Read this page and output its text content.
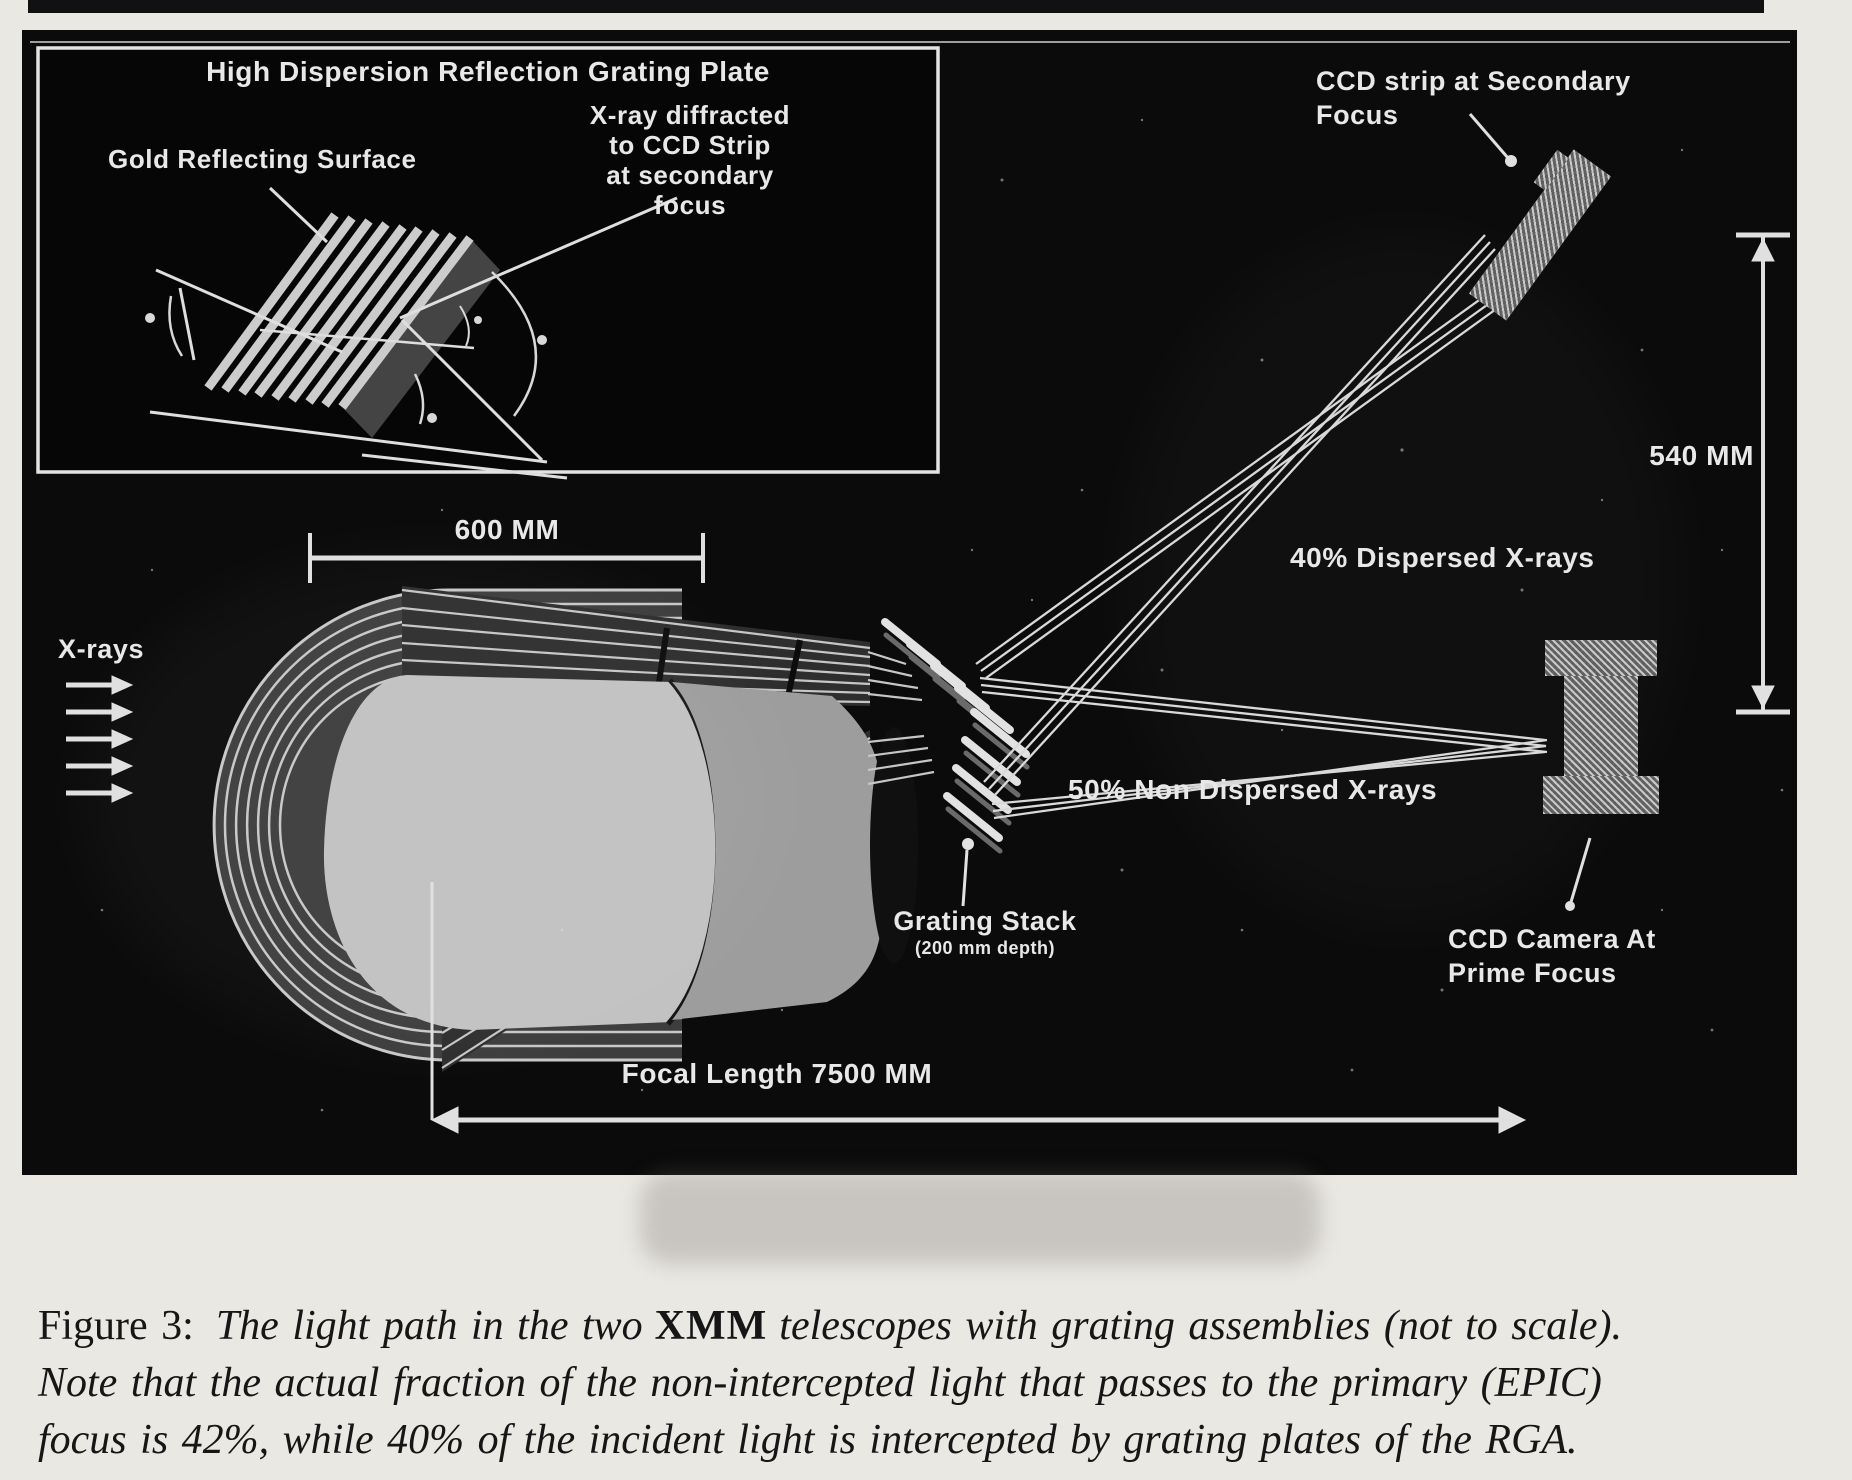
High Dispersion Reflection Grating Plate
Gold Reflecting Surface
X-ray diffracted
to CCD Strip
at secondary
focus
X-rays
600 MM
CCD strip at Secondary
Focus
540 MM
40% Dispersed X-rays
50% Non Dispersed X-rays
Grating Stack
(200 mm depth)	CCD Camera At
Prime Focus
Focal Length 7500 MM
Figure 3: The light path in the two XMM telescopes with grating assemblies (not to scale).
Note that the actual fraction of the non-intercepted light that passes to the primary (EPIC)
focus is 42%, while 40% of the incident light is intercepted by grating plates of the RGA.
